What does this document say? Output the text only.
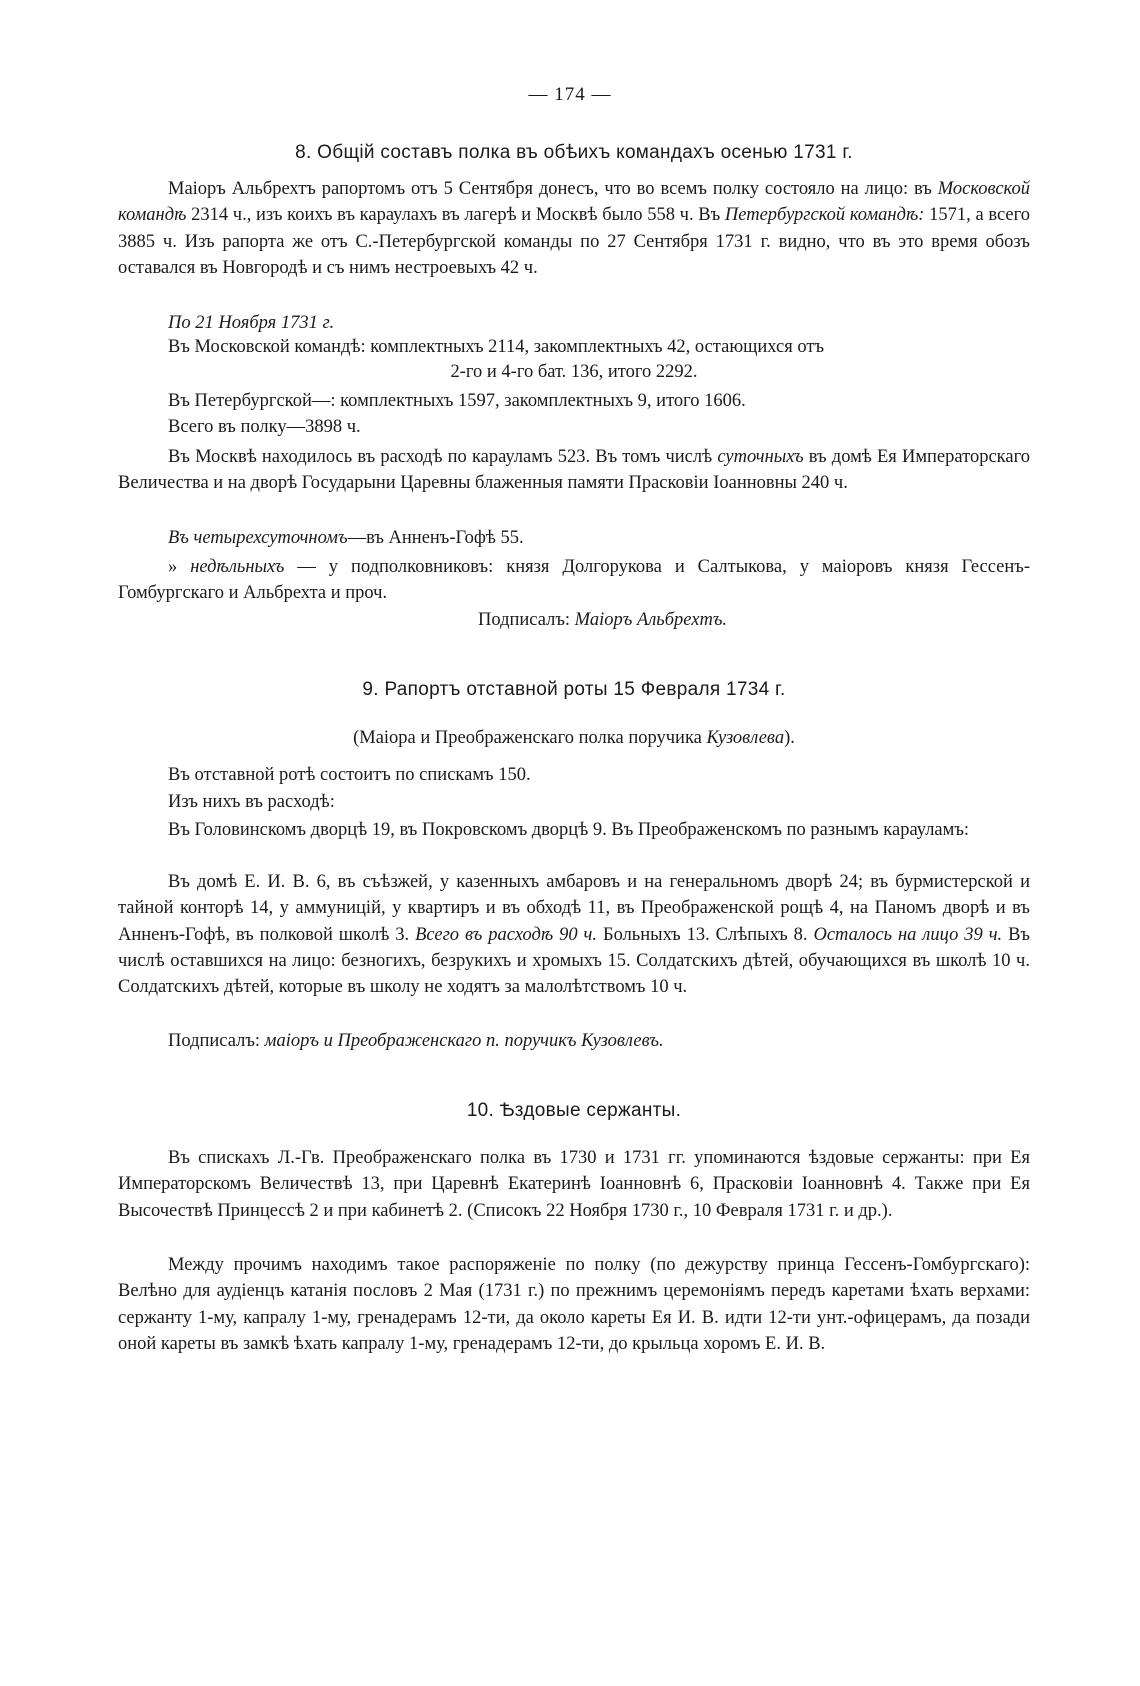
— 174 —
8. Общій составъ полка въ обѣихъ командахъ осенью 1731 г.
Маіоръ Альбрехтъ рапортомъ отъ 5 Сентября донесъ, что во всемъ полку состояло на лицо: въ Московской командѣ 2314 ч., изъ коихъ въ караулахъ въ лагерѣ и Москвѣ было 558 ч. Въ Петербургской командѣ: 1571, а всего 3885 ч. Изъ рапорта же отъ С.-Петербургской команды по 27 Сентября 1731 г. видно, что въ это время обозъ оставался въ Новгородѣ и съ нимъ нестроевыхъ 42 ч.
По 21 Ноября 1731 г.
Въ Московской командѣ: комплектныхъ 2114, закомплектныхъ 42, остающихся отъ
2-го и 4-го бат. 136, итого 2292.
Въ Петербургской—: комплектныхъ 1597, закомплектныхъ 9, итого 1606.
Всего въ полку—3898 ч.
Въ Москвѣ находилось въ расходѣ по карауламъ 523. Въ томъ числѣ суточныхъ въ домѣ Ея Императорскаго Величества и на дворѣ Государыни Царевны блаженныя памяти Прасковіи Іоанновны 240 ч.
Въ четырехсуточномъ—въ Анненъ-Гофѣ 55.
» недѣльныхъ — у подполковниковъ: князя Долгорукова и Салтыкова, у маіоровъ князя Гессенъ-Гомбургскаго и Альбрехта и проч.
Подписалъ: Маіоръ Альбрехтъ.
9. Рапортъ отставной роты 15 Февраля 1734 г.
(Маіора и Преображенскаго полка поручика Кузовлева).
Въ отставной ротѣ состоитъ по спискамъ 150.
Изъ нихъ въ расходѣ:
Въ Головинскомъ дворцѣ 19, въ Покровскомъ дворцѣ 9. Въ Преображенскомъ по разнымъ карауламъ:
Въ домѣ Е. И. В. 6, въ съѣзжей, у казенныхъ амбаровъ и на генеральномъ дворѣ 24; въ бурмистерской и тайной конторѣ 14, у аммуницій, у квартиръ и въ обходѣ 11, въ Преображенской рощѣ 4, на Паномъ дворѣ и въ Анненъ-Гофѣ, въ полковой школѣ 3. Всего въ расходѣ 90 ч. Больныхъ 13. Слѣпыхъ 8. Осталось на лицо 39 ч. Въ числѣ оставшихся на лицо: безногихъ, безрукихъ и хромыхъ 15. Солдатскихъ дѣтей, обучающихся въ школѣ 10 ч. Солдатскихъ дѣтей, которые въ школу не ходятъ за малолѣтствомъ 10 ч.
Подписалъ: маіоръ и Преображенскаго п. поручикъ Кузовлевъ.
10. Ѣздовые сержанты.
Въ спискахъ Л.-Гв. Преображенскаго полка въ 1730 и 1731 гг. упоминаются ѣздовые сержанты: при Ея Императорскомъ Величествѣ 13, при Царевнѣ Екатеринѣ Іоанновнѣ 6, Прасковіи Іоанновнѣ 4. Также при Ея Высочествѣ Принцессѣ 2 и при кабинетѣ 2. (Списокъ 22 Ноября 1730 г., 10 Февраля 1731 г. и др.).
Между прочимъ находимъ такое распоряженіе по полку (по дежурству принца Гессенъ-Гомбургскаго): Велѣно для аудіенцъ катанія пословъ 2 Мая (1731 г.) по прежнимъ церемоніямъ передъ каретами ѣхать верхами: сержанту 1-му, капралу 1-му, гренадерамъ 12-ти, да около кареты Ея И. В. идти 12-ти унт.-офицерамъ, да позади оной кареты въ замкѣ ѣхать капралу 1-му, гренадерамъ 12-ти, до крыльца хоромъ Е. И. В.
